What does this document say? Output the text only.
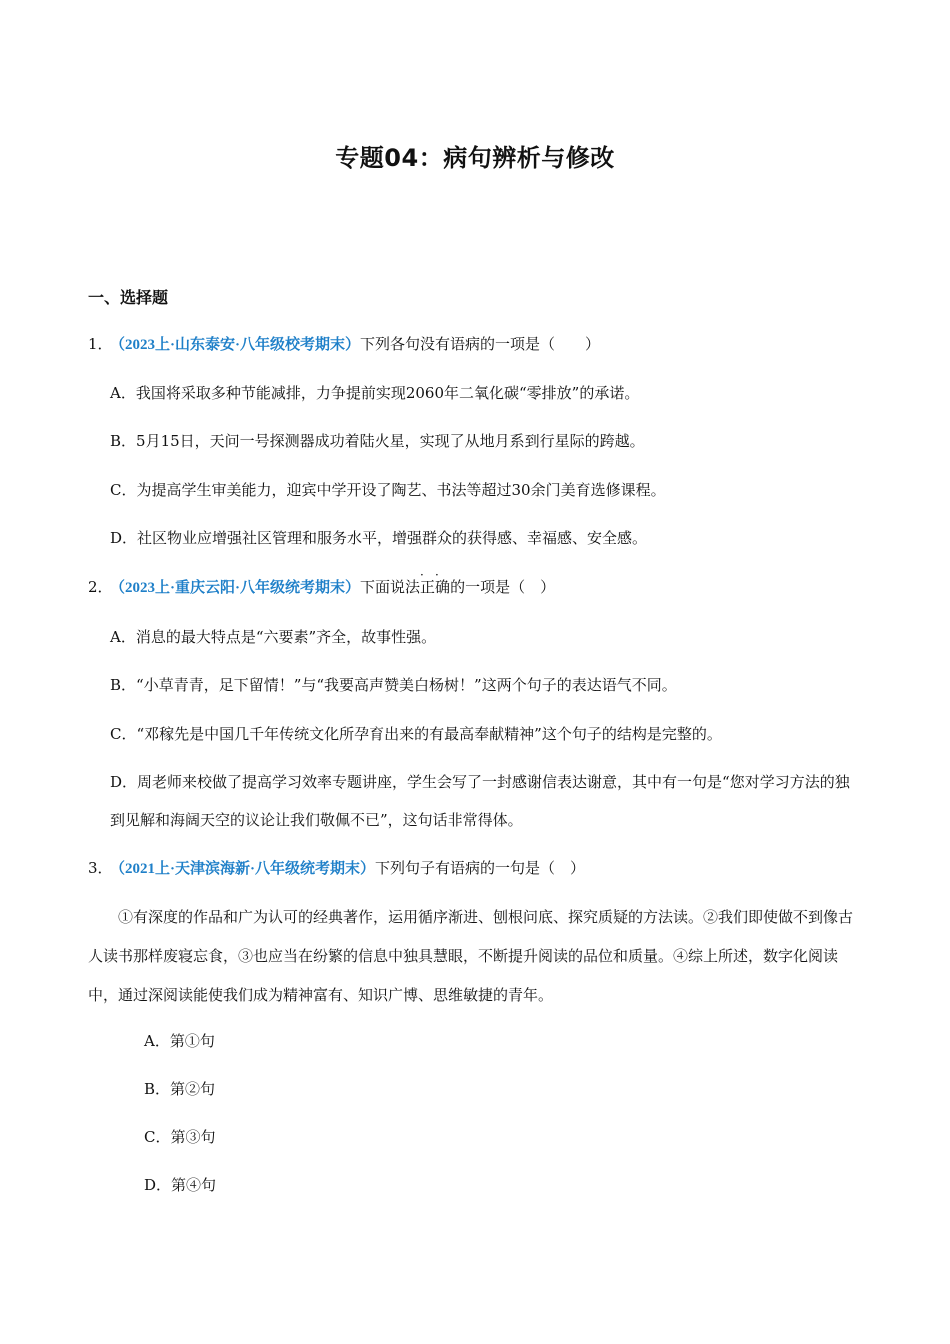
专题04：病句辨析与修改
一、选择题
1．（2023上·山东泰安·八年级校考期末）下列各句没有语病的一项是（　　）
A．我国将采取多种节能减排，力争提前实现2060年二氧化碳“零排放”的承诺。
B．5月15日，天问一号探测器成功着陆火星，实现了从地月系到行星际的跨越。
C．为提高学生审美能力，迎宾中学开设了陶艺、书法等超过30余门美育选修课程。
D．社区物业应增强社区管理和服务水平，增强群众的获得感、幸福感、安全感。
2．（2023上·重庆云阳·八年级统考期末）下面说法
·
正
·
确的一项是（　）
A．消息的最大特点是“六要素”齐全，故事性强。
B．“小草青青，足下留情！”与“我要高声赞美白杨树！”这两个句子的表达语气不同。
C．“邓稼先是中国几千年传统文化所孕育出来的有最高奉献精神”这个句子的结构是完整的。
D．周老师来校做了提高学习效率专题讲座，学生会写了一封感谢信表达谢意，其中有一句是“您对学习方法的独到见解和海阔天空的议论让我们敬佩不已”，这句话非常得体。
3．（2021上·天津滨海新·八年级统考期末）下列句子有语病的一句是（　）
①有深度的作品和广为认可的经典著作，运用循序渐进、刨根问底、探究质疑的方法读。②我们即使做不到像古人读书那样废寝忘食，③也应当在纷繁的信息中独具慧眼，不断提升阅读的品位和质量。④综上所述，数字化阅读中，通过深阅读能使我们成为精神富有、知识广博、思维敏捷的青年。
A．第①句
B．第②句
C．第③句
D．第④句
